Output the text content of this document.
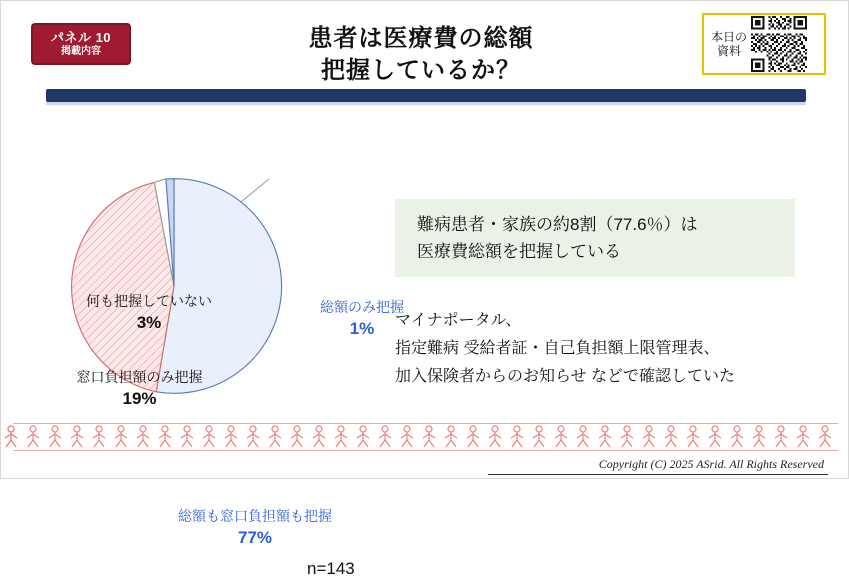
パネル 10
掲載内容	患者は医療費の総額
把握しているか？
本日の
資料
何も把握していない
3%
総額のみ把握
1%
窓口負担額のみ把握
19%
総額も窓口負担額も把握
77%
n=143
難病患者・家族の約8割（77.6％）は
医療費総額を把握している
マイナポータル、
指定難病 受給者証・自己負担額上限管理表、
加入保険者からのお知らせ などで確認していた
Copyright (C) 2025 ASrid. All Rights Reserved
